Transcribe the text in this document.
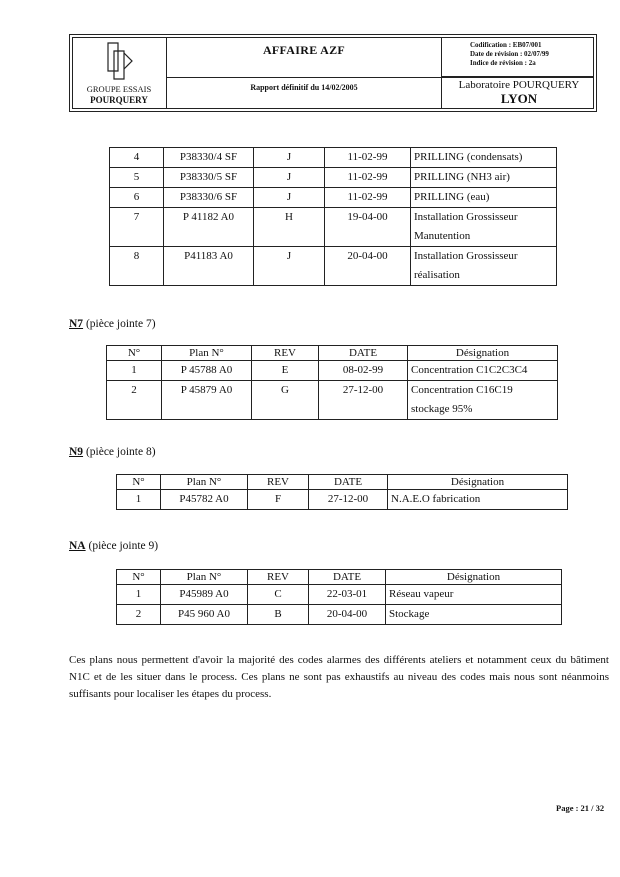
GROUPE ESSAIS
POURQUERY
AFFAIRE AZF
Rapport définitif du 14/02/2005
Codification : EB07/001
Date de révision : 02/07/99
Indice de révision : 2a
Laboratoire POURQUERY
LYON
4	P38330/4 SF	J	11-02-99	PRILLING (condensats)

5	P38330/5 SF	J	11-02-99	PRILLING (NH3 air)

6	P38330/6 SF	J	11-02-99	PRILLING (eau)

7	P 41182 A0	H	19-04-00	Installation Grossisseur
Manutention

8	P41183 A0	J	20-04-00	Installation Grossisseur
réalisation
N7 (pièce jointe 7)
N°	Plan N°	REV	DATE	Désignation
1	P 45788 A0	E	08-02-99	Concentration C1C2C3C4

2	P 45879 A0	G	27-12-00	Concentration C16C19
stockage 95%
N9 (pièce jointe 8)
N°	Plan N°	REV	DATE	Désignation
1	P45782 A0	F	27-12-00	N.A.E.O fabrication
NA (pièce jointe 9)
N°	Plan N°	REV	DATE	Désignation
1	P45989 A0	C	22-03-01	Réseau vapeur

2	P45 960 A0	B	20-04-00	Stockage
Ces plans nous permettent d'avoir la majorité des codes alarmes des différents ateliers et notamment ceux du bâtiment N1C et de les situer dans le process. Ces plans ne sont pas exhaustifs au niveau des codes mais nous sont néanmoins suffisants pour localiser les étapes du process.
Page : 21 / 32
